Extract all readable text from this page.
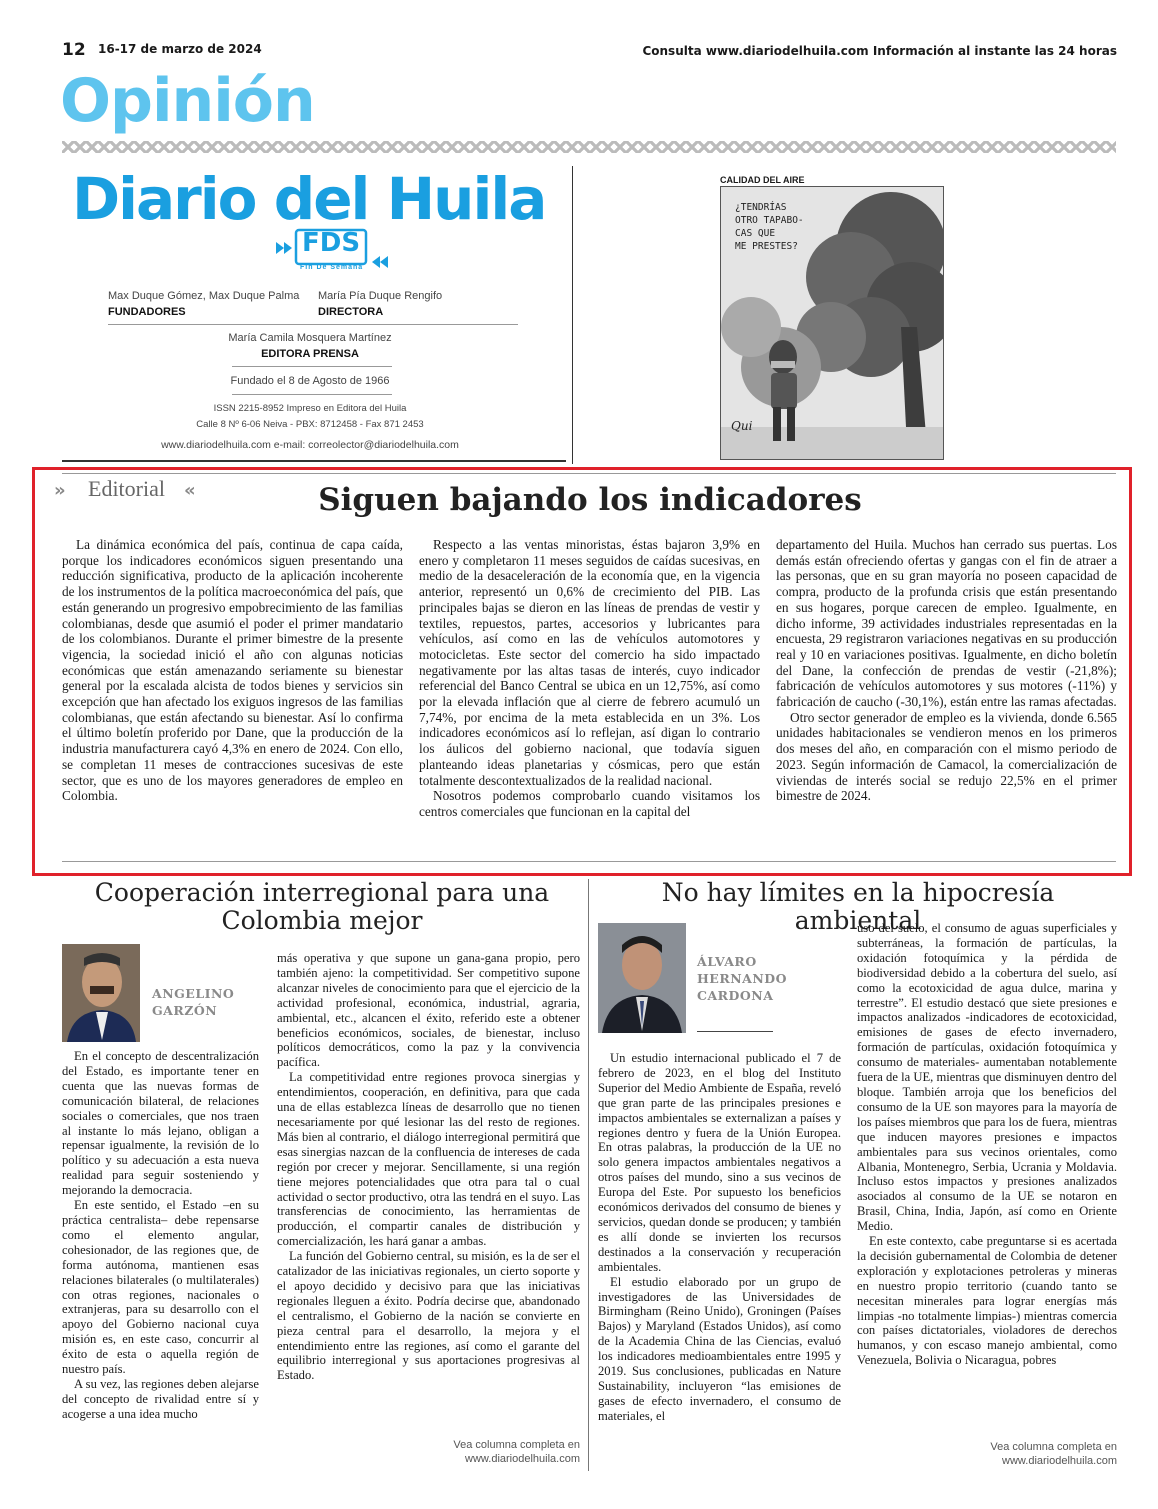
12 16-17 de marzo de 2024	Consulta www.diariodelhuila.com Información al instante las 24 horas
Opinión
Diario del Huila
FDS
Fin De Semana
Max Duque Gómez, Max Duque Palma
FUNDADORES
María Pía Duque Rengifo
DIRECTORA
María Camila Mosquera Martínez
EDITORA PRENSA
Fundado el 8 de Agosto de 1966
ISSN 2215-8952 Impreso en Editora del Huila
Calle 8 Nº 6-06 Neiva - PBX: 8712458 - Fax 871 2453
www.diariodelhuila.com e-mail: correolector@diariodelhuila.com
CALIDAD DEL AIRE
¿TENDRÍAS
OTRO TAPABO-
CAS QUE
ME PRESTES?
Qui
» Editorial «	Siguen bajando los indicadores

La dinámica económica del país, continua de capa caída, porque los indicadores económicos siguen presentando una reducción significativa, producto de la aplicación incoherente de los instrumentos de la política macroeconómica del país, que están generando un progresivo empobrecimiento de las familias colombianas, desde que asumió el poder el primer mandatario de los colombianos. Durante el primer bimestre de la presente vigencia, la sociedad inició el año con algunas noticias económicas que están amenazando seriamente su bienestar general por la escalada alcista de todos bienes y servicios sin excepción que han afectado los exiguos ingresos de las familias colombianas, que están afectando su bienestar. Así lo confirma el último boletín proferido por Dane, que la producción de la industria manufacturera cayó 4,3% en enero de 2024. Con ello, se completan 11 meses de contracciones sucesivas de este sector, que es uno de los mayores generadores de empleo en Colombia.

Respecto a las ventas minoristas, éstas bajaron 3,9% en enero y completaron 11 meses seguidos de caídas sucesivas, en medio de la desaceleración de la economía que, en la vigencia anterior, representó un 0,6% de crecimiento del PIB. Las principales bajas se dieron en las líneas de prendas de vestir y textiles, repuestos, partes, accesorios y lubricantes para vehículos, así como en las de vehículos automotores y motocicletas. Este sector del comercio ha sido impactado negativamente por las altas tasas de interés, cuyo indicador referencial del Banco Central se ubica en un 12,75%, así como por la elevada inflación que al cierre de febrero acumuló un 7,74%, por encima de la meta establecida en un 3%. Los indicadores económicos así lo reflejan, así digan lo contrario los áulicos del gobierno nacional, que todavía siguen planteando ideas planetarias y cósmicas, pero que están totalmente descontextualizados de la realidad nacional.

Nosotros podemos comprobarlo cuando visitamos los centros comerciales que funcionan en la capital del

departamento del Huila. Muchos han cerrado sus puertas. Los demás están ofreciendo ofertas y gangas con el fin de atraer a las personas, que en su gran mayoría no poseen capacidad de compra, producto de la profunda crisis que están presentando en sus hogares, porque carecen de empleo. Igualmente, en dicho informe, 39 actividades industriales representadas en la encuesta, 29 registraron variaciones negativas en su producción real y 10 en variaciones positivas. Igualmente, en dicho boletín del Dane, la confección de prendas de vestir (-21,8%); fabricación de vehículos automotores y sus motores (-11%) y fabricación de caucho (-30,1%), están entre las ramas afectadas.

Otro sector generador de empleo es la vivienda, donde 6.565 unidades habitacionales se vendieron menos en los primeros dos meses del año, en comparación con el mismo periodo de 2023. Según información de Camacol, la comercialización de viviendas de interés social se redujo 22,5% en el primer bimestre de 2024.

Cooperación interregional para una Colombia mejor
ANGELINO
GARZÓN

En el concepto de descentralización del Estado, es importante tener en cuenta que las nuevas formas de comunicación bilateral, de relaciones sociales o comerciales, que nos traen al instante lo más lejano, obligan a repensar igualmente, la revisión de lo político y su adecuación a esta nueva realidad para seguir sosteniendo y mejorando la democracia.

En este sentido, el Estado –en su práctica centralista– debe repensarse como el elemento angular, cohesionador, de las regiones que, de forma autónoma, mantienen esas relaciones bilaterales (o multilaterales) con otras regiones, nacionales o extranjeras, para su desarrollo con el apoyo del Gobierno nacional cuya misión es, en este caso, concurrir al éxito de esta o aquella región de nuestro país.

A su vez, las regiones deben alejarse del concepto de rivalidad entre sí y acogerse a una idea mucho

más operativa y que supone un gana-gana propio, pero también ajeno: la competitividad. Ser competitivo supone alcanzar niveles de conocimiento para que el ejercicio de la actividad profesional, económica, industrial, agraria, ambiental, etc., alcancen el éxito, referido este a obtener beneficios económicos, sociales, de bienestar, incluso políticos democráticos, como la paz y la convivencia pacífica.

La competitividad entre regiones provoca sinergias y entendimientos, cooperación, en definitiva, para que cada una de ellas establezca líneas de desarrollo que no tienen necesariamente por qué lesionar las del resto de regiones. Más bien al contrario, el diálogo interregional permitirá que esas sinergias nazcan de la confluencia de intereses de cada región por crecer y mejorar. Sencillamente, si una región tiene mejores potencialidades que otra para tal o cual actividad o sector productivo, otra las tendrá en el suyo. Las transferencias de conocimiento, las herramientas de producción, el compartir canales de distribución y comercialización, les hará ganar a ambas.

La función del Gobierno central, su misión, es la de ser el catalizador de las iniciativas regionales, un cierto soporte y el apoyo decidido y decisivo para que las iniciativas regionales lleguen a éxito. Podría decirse que, abandonado el centralismo, el Gobierno de la nación se convierte en pieza central para el desarrollo, la mejora y el entendimiento entre las regiones, así como el garante del equilibrio interregional y sus aportaciones progresivas al Estado.

Vea columna completa en
www.diariodelhuila.com
No hay límites en la hipocresía ambiental
ÁLVARO
HERNANDO
CARDONA

Un estudio internacional publicado el 7 de febrero de 2023, en el blog del Instituto Superior del Medio Ambiente de España, reveló que gran parte de las principales presiones e impactos ambientales se externalizan a países y regiones dentro y fuera de la Unión Europea. En otras palabras, la producción de la UE no solo genera impactos ambientales negativos a otros países del mundo, sino a sus vecinos de Europa del Este. Por supuesto los beneficios económicos derivados del consumo de bienes y servicios, quedan donde se producen; y también es allí donde se invierten los recursos destinados a la conservación y recuperación ambientales.

El estudio elaborado por un grupo de investigadores de las Universidades de Birmingham (Reino Unido), Groningen (Países Bajos) y Maryland (Estados Unidos), así como de la Academia China de las Ciencias, evaluó los indicadores medioambientales entre 1995 y 2019. Sus conclusiones, publicadas en Nature Sustainability, incluyeron “las emisiones de gases de efecto invernadero, el consumo de materiales, el

uso del suelo, el consumo de aguas superficiales y subterráneas, la formación de partículas, la oxidación fotoquímica y la pérdida de biodiversidad debido a la cobertura del suelo, así como la ecotoxicidad de agua dulce, marina y terrestre”. El estudio destacó que siete presiones e impactos analizados -indicadores de ecotoxicidad, emisiones de gases de efecto invernadero, formación de partículas, oxidación fotoquímica y consumo de materiales- aumentaban notablemente fuera de la UE, mientras que disminuyen dentro del bloque. También arroja que los beneficios del consumo de la UE son mayores para la mayoría de los países miembros que para los de fuera, mientras que inducen mayores presiones e impactos ambientales para sus vecinos orientales, como Albania, Montenegro, Serbia, Ucrania y Moldavia. Incluso estos impactos y presiones analizados asociados al consumo de la UE se notaron en Brasil, China, India, Japón, así como en Oriente Medio.

En este contexto, cabe preguntarse si es acertada la decisión gubernamental de Colombia de detener exploración y explotaciones petroleras y mineras en nuestro propio territorio (cuando tanto se necesitan minerales para lograr energías más limpias -no totalmente limpias-) mientras comercia con países dictatoriales, violadores de derechos humanos, y con escaso manejo ambiental, como Venezuela, Bolivia o Nicaragua, pobres

Vea columna completa en
www.diariodelhuila.com
